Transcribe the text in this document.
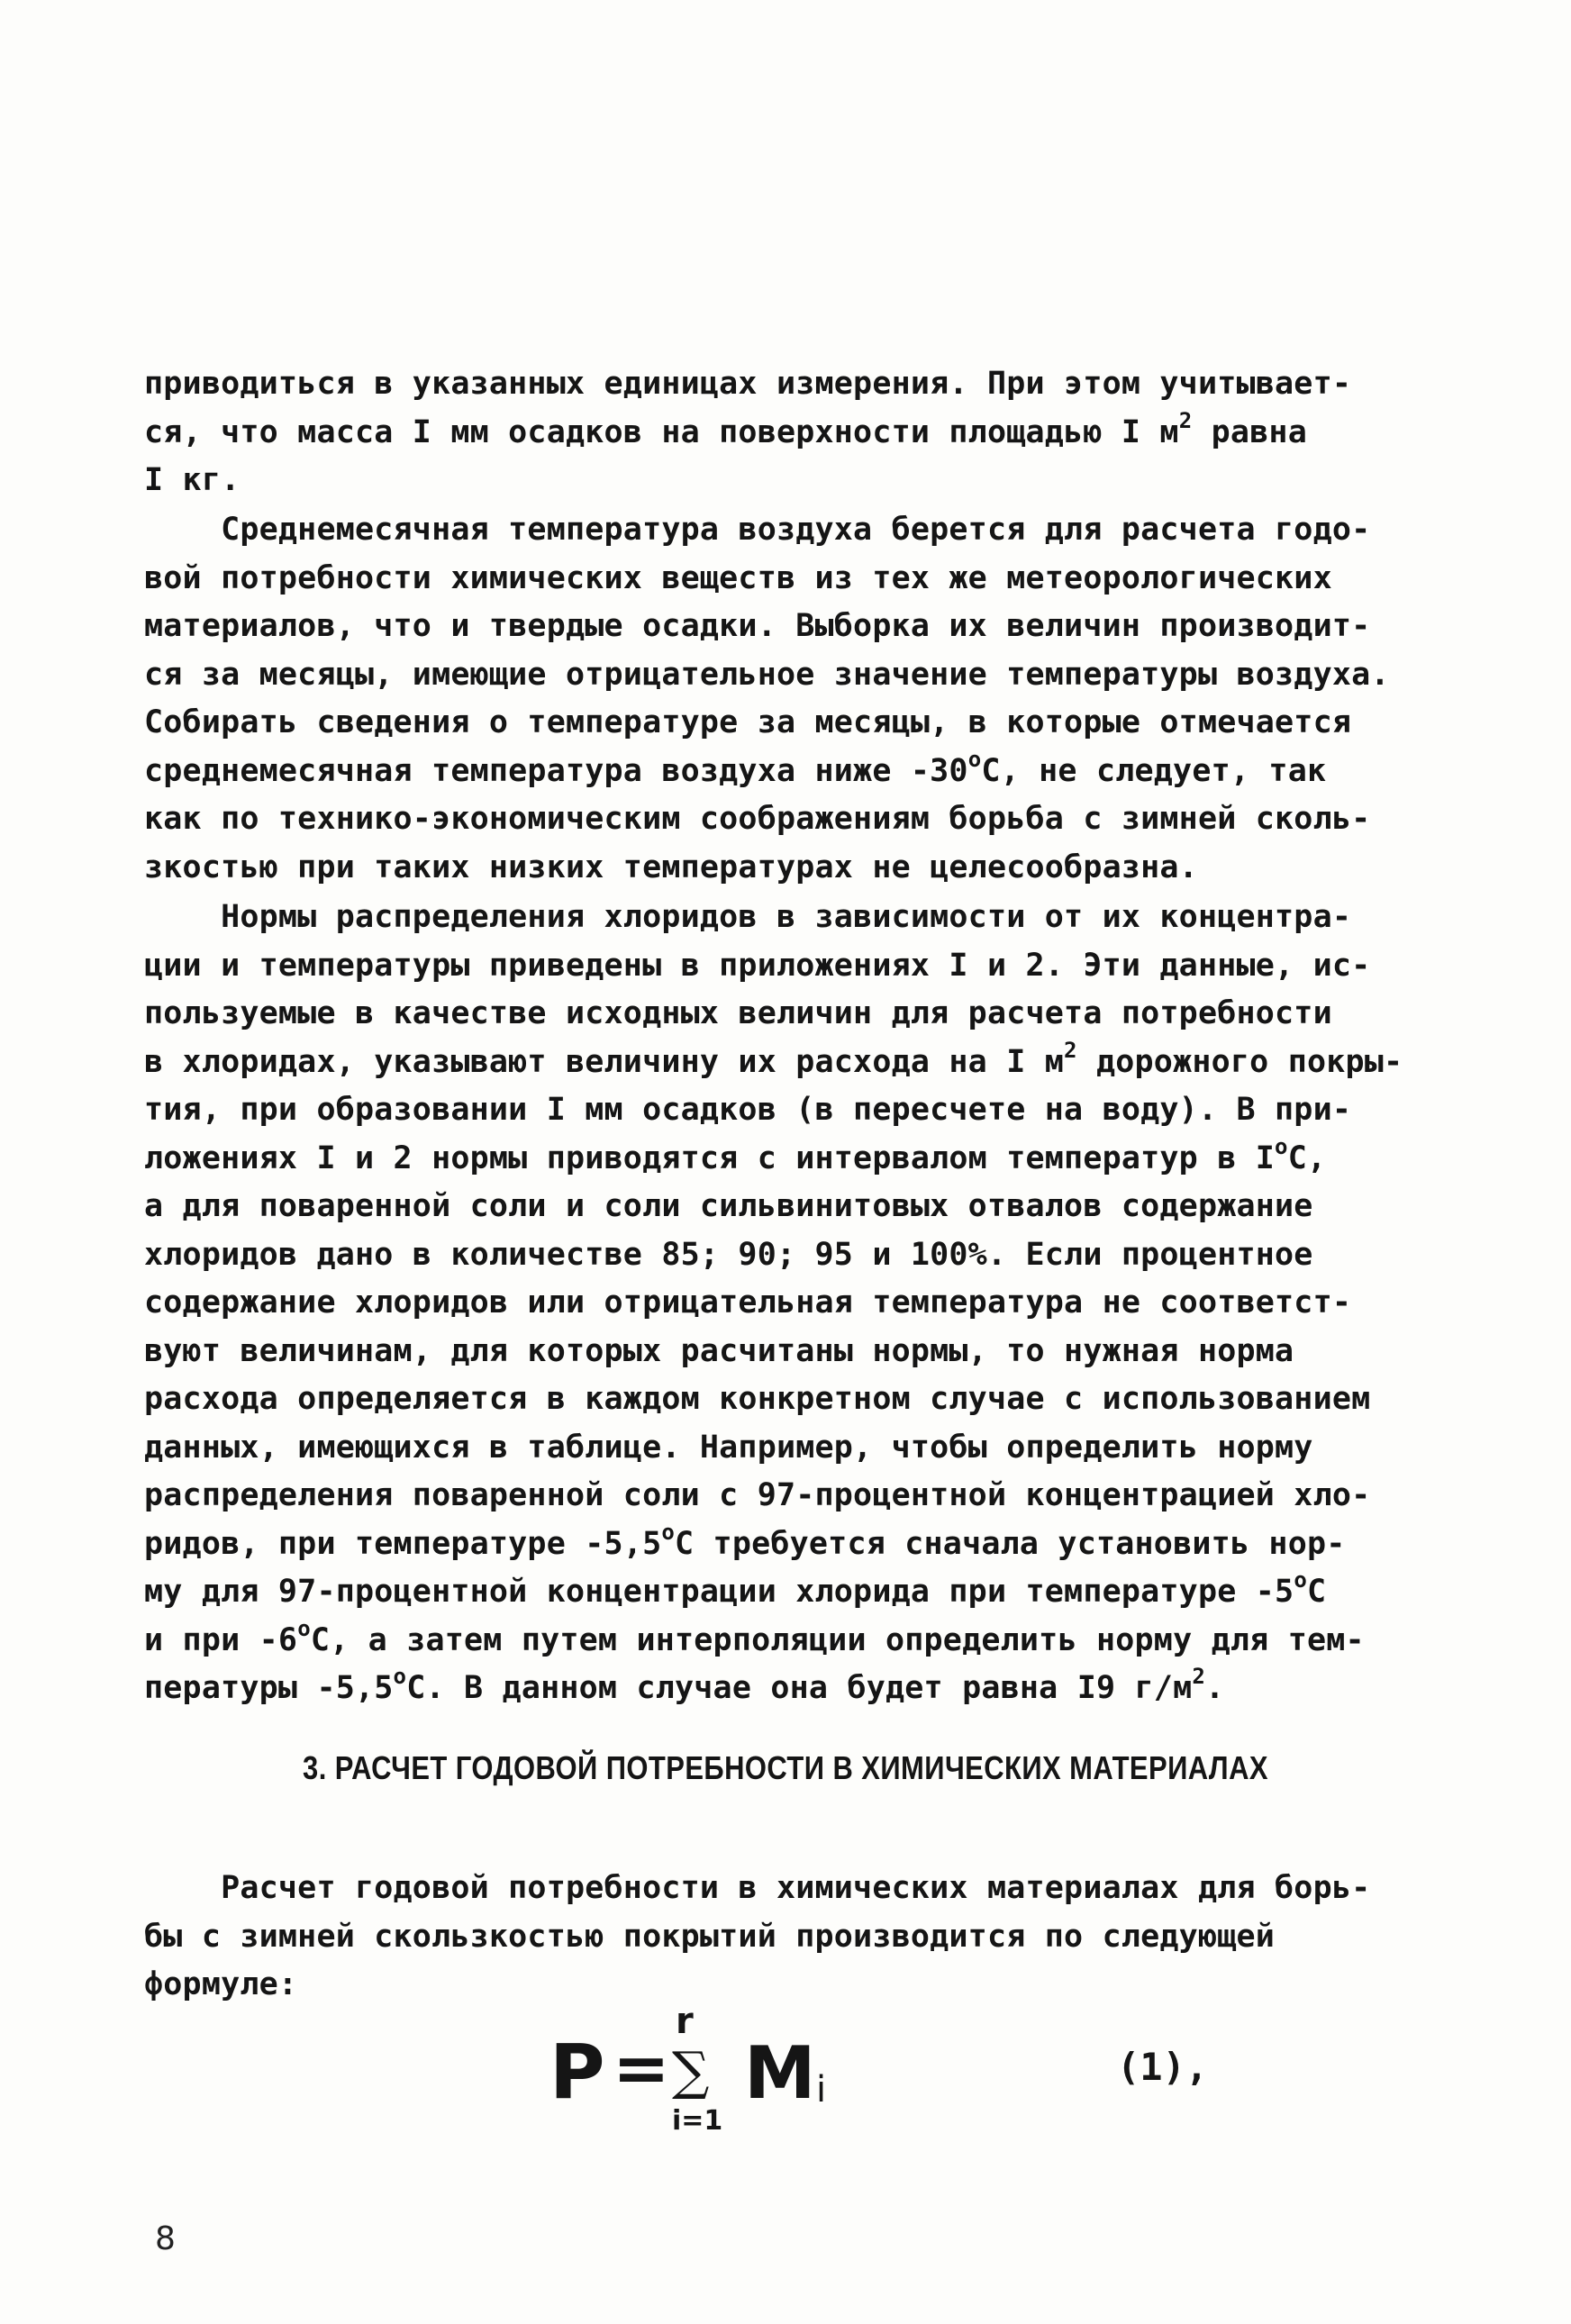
приводиться в указанных единицах измерения. При этом учитывает-
ся, что масса I мм осадков на поверхности площадью I $м^2$ равна
I кг.
Среднемесячная температура воздуха берется для расчета годо-
вой потребности химических веществ из тех же метеорологических
материалов, что и твердые осадки. Выборка их величин производит-
ся за месяцы, имеющие отрицательное значение температуры воздуха.
Собирать сведения о температуре за месяцы, в которые отмечается
среднемесячная температура воздуха ниже $-30^оС$, не следует, так
как по технико-экономическим соображениям борьба с зимней сколь-
зкостью при таких низких температурах не целесообразна.
Нормы распределения хлоридов в зависимости от их концентра-
ции и температуры приведены в приложениях I и 2. Эти данные, ис-
пользуемые в качестве исходных величин для расчета потребности
в хлоридах, указывают величину их расхода на I $м^2$ дорожного покры-
тия, при образовании I мм осадков (в пересчете на воду). В при-
ложениях I и 2 нормы приводятся с интервалом температур в $I^оС$,
а для поваренной соли и соли сильвинитовых отвалов содержание
хлоридов дано в количестве 85; 90; 95 и 100%. Если процентное
содержание хлоридов или отрицательная температура не соответст-
вуют величинам, для которых расчитаны нормы, то нужная норма
расхода определяется в каждом конкретном случае с использованием
данных, имеющихся в таблице. Например, чтобы определить норму
распределения поваренной соли с 97-процентной концентрацией хло-
ридов, при температуре $-5,5^оС$ требуется сначала установить нор-
му для 97-процентной концентрации хлорида при температуре $-5^оС$
и при $-6^оС$, а затем путем интерполяции определить норму для тем-
пературы $-5,5^оС$. В данном случае она будет равна I9 $г/м^2$.
3. РАСЧЕТ ГОДОВОЙ ПОТРЕБНОСТИ В ХИМИЧЕСКИХ МАТЕРИАЛАХ
Расчет годовой потребности в химических материалах для борь-
бы с зимней скользкостью покрытий производится по следующей
формуле:
P =
r
∑
i=1
M i
(1),
8
